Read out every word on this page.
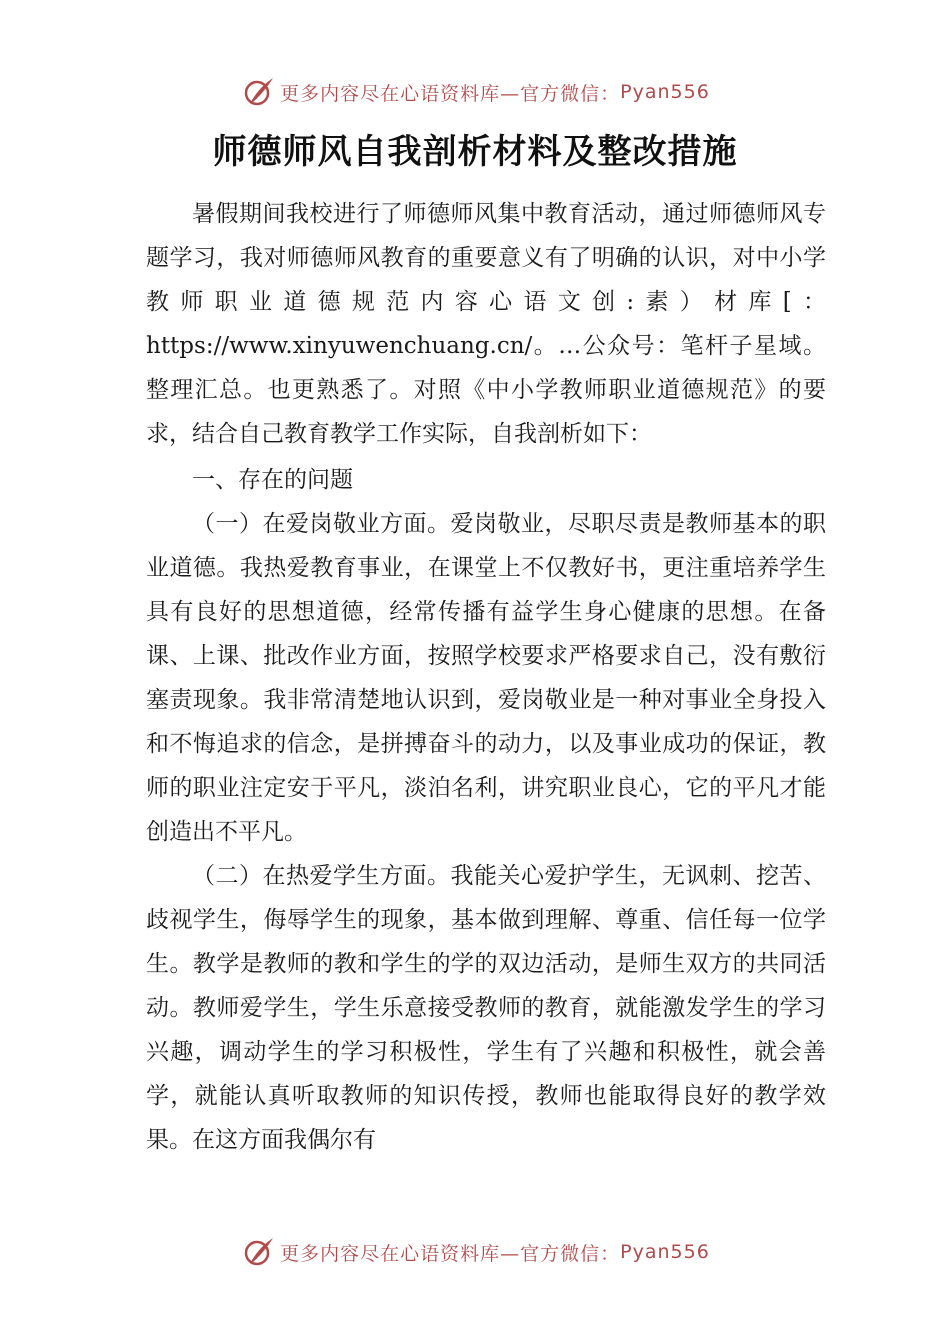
更多内容尽在心语资料库—官方微信： Pyan556
师德师风自我剖析材料及整改措施

暑假期间我校进行了师德师风集中教育活动，通过师德师风专题学习，我对师德师风教育的重要意义有了明确的认识，对中小学教师职业道德规范内容心语文创:素）材库[：https://www.xinyuwenchuang.cn/。…公众号：笔杆子星域。整理汇总。也更熟悉了。对照《中小学教师职业道德规范》的要求，结合自己教育教学工作实际，自我剖析如下：

一、存在的问题

（一）在爱岗敬业方面。爱岗敬业，尽职尽责是教师基本的职业道德。我热爱教育事业，在课堂上不仅教好书，更注重培养学生具有良好的思想道德，经常传播有益学生身心健康的思想。在备课、上课、批改作业方面，按照学校要求严格要求自己，没有敷衍塞责现象。我非常清楚地认识到，爱岗敬业是一种对事业全身投入和不悔追求的信念，是拼搏奋斗的动力，以及事业成功的保证，教师的职业注定安于平凡，淡泊名利，讲究职业良心，它的平凡才能创造出不平凡。

（二）在热爱学生方面。我能关心爱护学生，无讽刺、挖苦、歧视学生，侮辱学生的现象，基本做到理解、尊重、信任每一位学生。教学是教师的教和学生的学的双边活动，是师生双方的共同活动。教师爱学生，学生乐意接受教师的教育，就能激发学生的学习兴趣，调动学生的学习积极性，学生有了兴趣和积极性，就会善学，就能认真听取教师的知识传授，教师也能取得良好的教学效果。在这方面我偶尔有

更多内容尽在心语资料库—官方微信： Pyan556
